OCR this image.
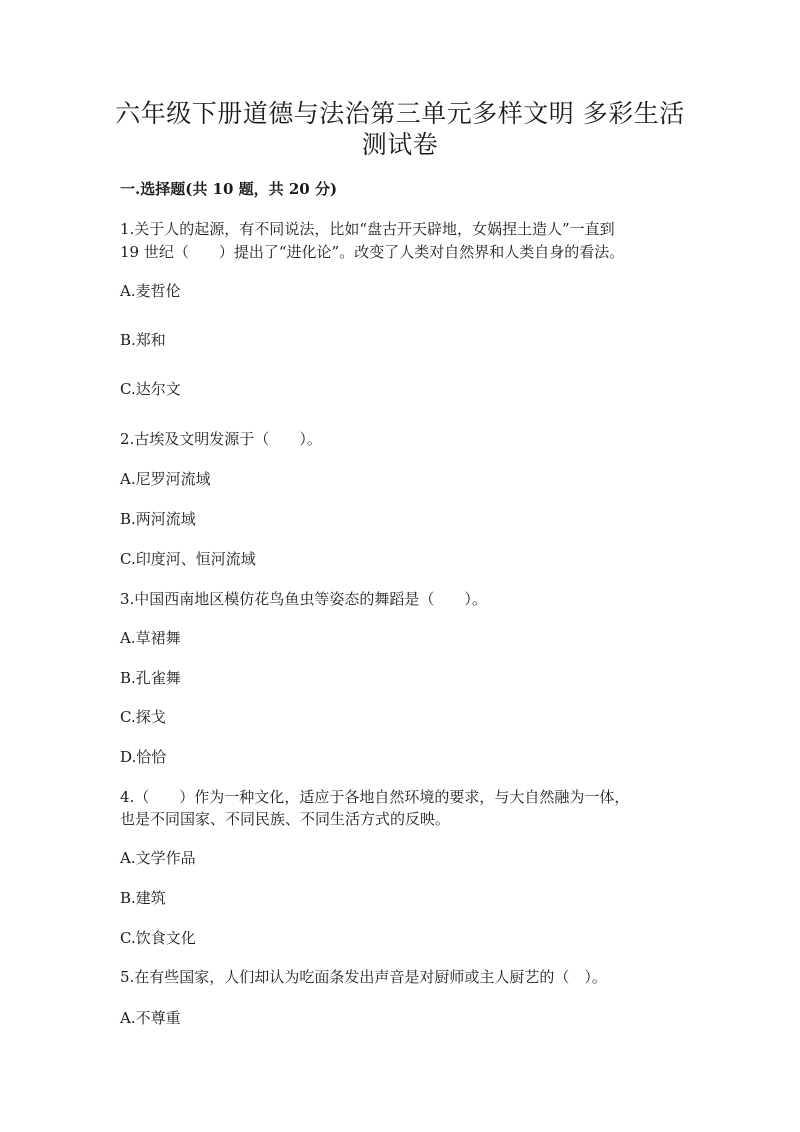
六年级下册道德与法治第三单元多样文明 多彩生活
测试卷
一.选择题(共 10 题，共 20 分)
1.关于人的起源，有不同说法，比如“盘古开天辟地，女娲捏土造人”一直到
19 世纪（　　）提出了“进化论”。改变了人类对自然界和人类自身的看法。
A.麦哲伦
B.郑和
C.达尔文
2.古埃及文明发源于（　　）。
A.尼罗河流域
B.两河流域
C.印度河、恒河流域
3.中国西南地区模仿花鸟鱼虫等姿态的舞蹈是（　　）。
A.草裙舞
B.孔雀舞
C.探戈
D.恰恰
4.（　　）作为一种文化，适应于各地自然环境的要求，与大自然融为一体，
也是不同国家、不同民族、不同生活方式的反映。
A.文学作品
B.建筑
C.饮食文化
5.在有些国家，人们却认为吃面条发出声音是对厨师或主人厨艺的（　）。
A.不尊重
